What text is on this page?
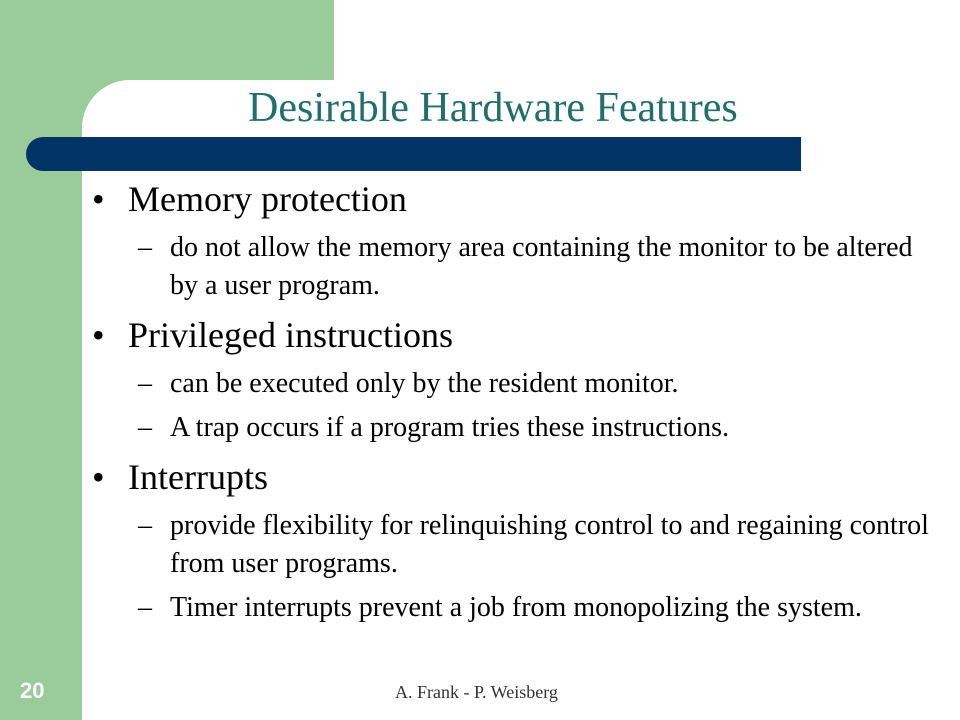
Desirable Hardware Features
• Memory protection
– do not allow the memory area containing the monitor to be altered by a user program.
• Privileged instructions
– can be executed only by the resident monitor.
– A trap occurs if a program tries these instructions.
• Interrupts
– provide flexibility for relinquishing control to and regaining control from user programs.
– Timer interrupts prevent a job from monopolizing the system.
20	A. Frank - P. Weisberg
